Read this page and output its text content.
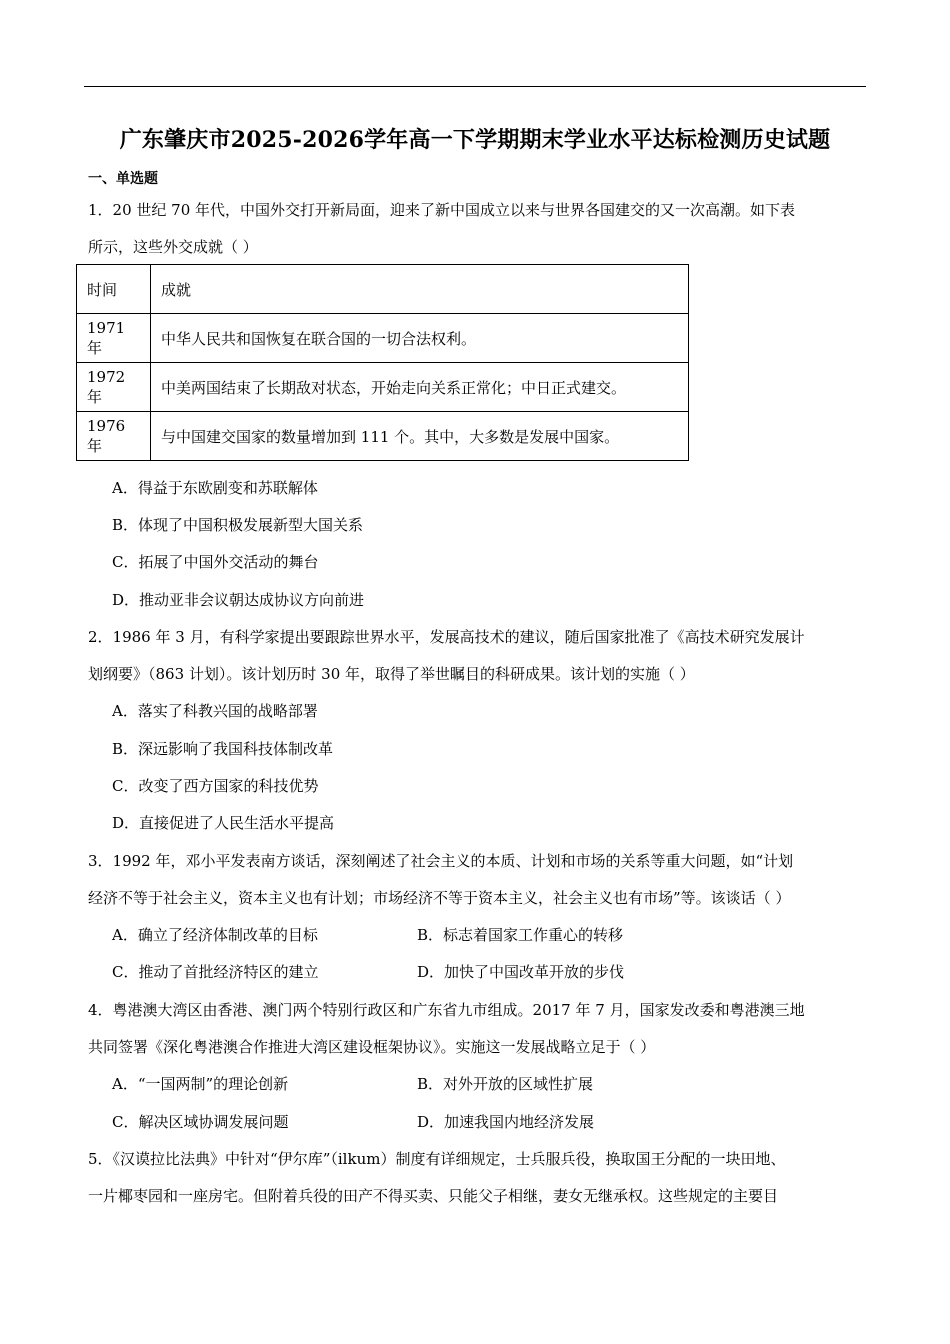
广东肇庆市2025-2026学年高一下学期期末学业水平达标检测历史试题
一、单选题
1．20 世纪 70 年代，中国外交打开新局面，迎来了新中国成立以来与世界各国建交的又一次高潮。如下表
所示，这些外交成就（ ）
时间	成就
1971 年	中华人民共和国恢复在联合国的一切合法权利。
1972 年	中美两国结束了长期敌对状态，开始走向关系正常化；中日正式建交。
1976 年	与中国建交国家的数量增加到 111 个。其中，大多数是发展中国家。
A．得益于东欧剧变和苏联解体
B．体现了中国积极发展新型大国关系
C．拓展了中国外交活动的舞台
D．推动亚非会议朝达成协议方向前进
2．1986 年 3 月，有科学家提出要跟踪世界水平，发展高技术的建议，随后国家批准了《高技术研究发展计
划纲要》（863 计划）。该计划历时 30 年，取得了举世瞩目的科研成果。该计划的实施（ ）
A．落实了科教兴国的战略部署
B．深远影响了我国科技体制改革
C．改变了西方国家的科技优势
D．直接促进了人民生活水平提高
3．1992 年，邓小平发表南方谈话，深刻阐述了社会主义的本质、计划和市场的关系等重大问题，如“计划
经济不等于社会主义，资本主义也有计划；市场经济不等于资本主义，社会主义也有市场”等。该谈话（ ）
A．确立了经济体制改革的目标	B．标志着国家工作重心的转移
C．推动了首批经济特区的建立	D．加快了中国改革开放的步伐
4．粤港澳大湾区由香港、澳门两个特别行政区和广东省九市组成。2017 年 7 月，国家发改委和粤港澳三地
共同签署《深化粤港澳合作推进大湾区建设框架协议》。实施这一发展战略立足于（ ）
A．“一国两制”的理论创新	B．对外开放的区域性扩展
C．解决区域协调发展问题	D．加速我国内地经济发展
5．《汉谟拉比法典》中针对“伊尔库”（ilkum）制度有详细规定，士兵服兵役，换取国王分配的一块田地、
一片椰枣园和一座房宅。但附着兵役的田产不得买卖、只能父子相继，妻女无继承权。这些规定的主要目
